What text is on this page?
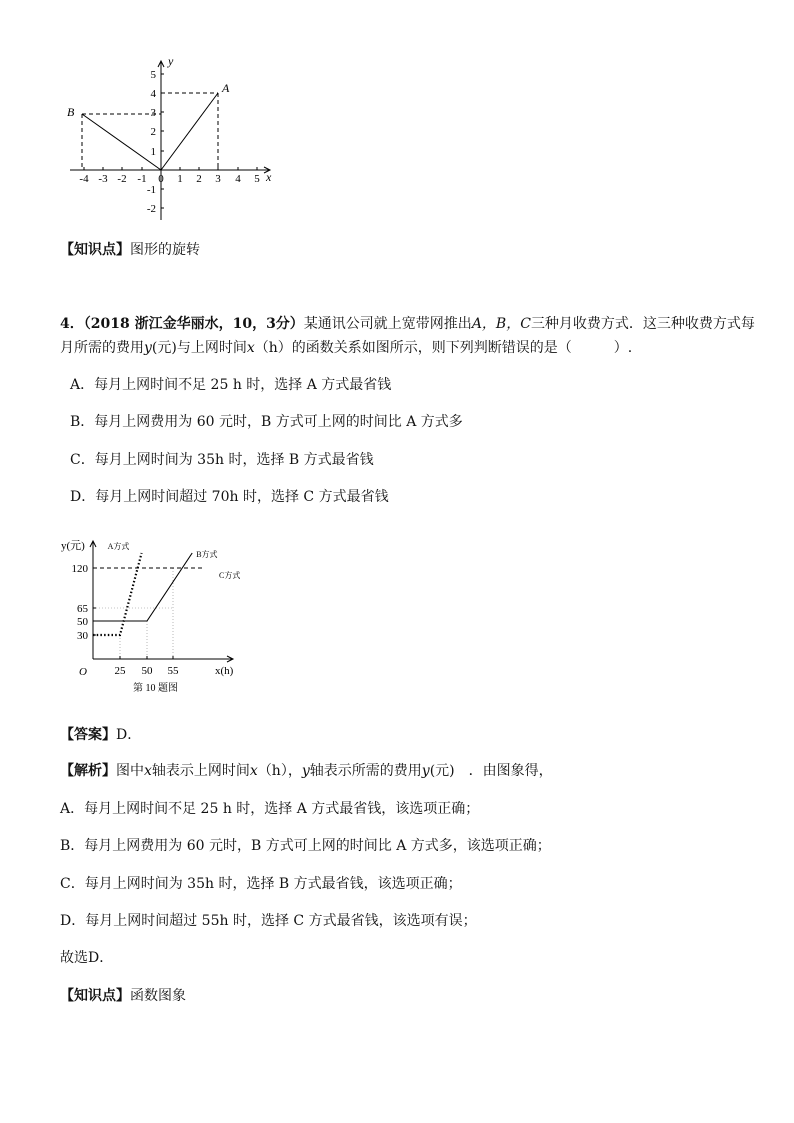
-4 -3 -2 -1 0 1 2 3 4 5
5
4
3
2
1
-1
-2
x
y
A
B
【知识点】图形的旋转
4．（2018 浙江金华丽水，10，3分）某通讯公司就上宽带网推出A，B，C三种月收费方式．这三种收费方式每
月所需的费用y(元)与上网时间x（h）的函数关系如图所示，则下列判断错误的是（　　　）.
A．每月上网时间不足 25 h 时，选择 A 方式最省钱
B．每月上网费用为 60 元时，B 方式可上网的时间比 A 方式多
C．每月上网时间为 35h 时，选择 B 方式最省钱
D．每月上网时间超过 70h 时，选择 C 方式最省钱
A方式
B方式
C方式
25 50 55
30
50
65
120
y(元)
x(h)
O
第 10 题图
【答案】D．
【解析】图中x轴表示上网时间x（h），y轴表示所需的费用y(元)　．由图象得，
A．每月上网时间不足 25 h 时，选择 A 方式最省钱，该选项正确；
B．每月上网费用为 60 元时，B 方式可上网的时间比 A 方式多，该选项正确；
C．每月上网时间为 35h 时，选择 B 方式最省钱，该选项正确；
D．每月上网时间超过 55h 时，选择 C 方式最省钱，该选项有误；
故选D．
【知识点】函数图象
